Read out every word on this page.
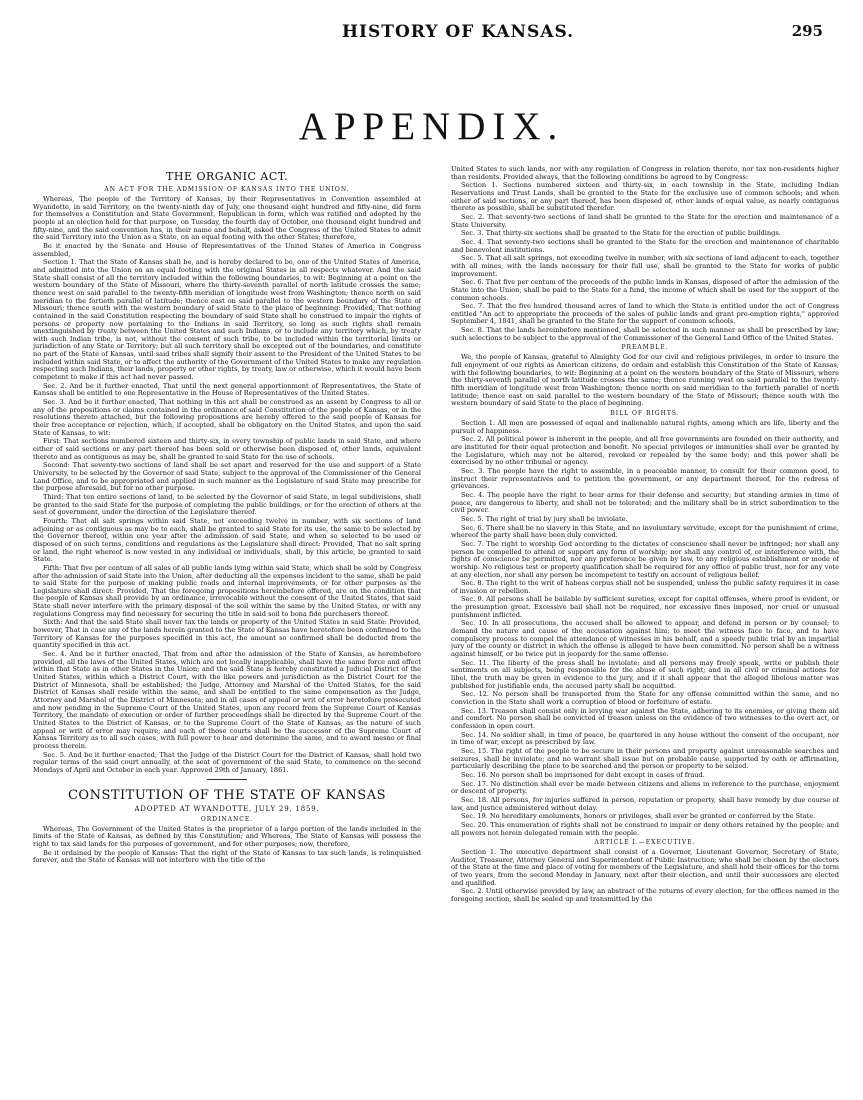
HISTORY OF KANSAS.	295
APPENDIX.
THE ORGANIC ACT.
AN ACT FOR THE ADMISSION OF KANSAS INTO THE UNION.

Whereas, The people of the Territory of Kansas, by their Representatives in Convention assembled at Wyandotte, in said Territory, on the twenty-ninth day of July, one thousand eight hundred and fifty-nine, did form for themselves a Constitution and State Government, Republican in form, which was ratified and adopted by the people at an election held for that purpose, on Tuesday, the fourth day of October, one thousand eight hundred and fifty-nine, and the said convention has, in their name and behalf, asked the Congress of the United States to admit the said Territory into the Union as a State, on an equal footing with the other States; therefore,

Be it enacted by the Senate and House of Representatives of the United States of America in Congress assembled,

Section 1. That the State of Kansas shall be, and is hereby declared to be, one of the United States of America, and admitted into the Union on an equal footing with the original States in all respects whatever. And the said State shall consist of all the territory included within the following boundaries, to wit: Beginning at a point on the western boundary of the State of Missouri, where the thirty-seventh parallel of north latitude crosses the same; thence west on said parallel to the twenty-fifth meridian of longitude west from Washington; thence north on said meridian to the fortieth parallel of latitude; thence east on said parallel to the western boundary of the State of Missouri; thence south with the western boundary of said State to the place of beginning: Provided, That nothing contained in the said Constitution respecting the boundary of said State shall be construed to impair the rights of persons or property now pertaining to the Indians in said Territory, so long as such rights shall remain unextinguished by treaty between the United States and such Indians, or to include any territory which, by treaty with such Indian tribe, is not, without the consent of such tribe, to be included within the territorial limits or jurisdiction of any State or Territory; but all such territory shall be excepted out of the boundaries, and constitute no part of the State of Kansas, until said tribes shall signify their assent to the President of the United States to be included within said State, or to affect the authority of the Government of the United States to make any regulation respecting such Indians, their lands, property or other rights, by treaty, law or otherwise, which it would have been competent to make if this act had never passed.

Sec. 2. And be it further enacted, That until the next general apportionment of Representatives, the State of Kansas shall be entitled to one Representative in the House of Representatives of the United States.

Sec. 3. And be it further enacted, That nothing in this act shall be construed as an assent by Congress to all or any of the propositions or claims contained in the ordinance of said Constitution of the people of Kansas, or in the resolutions thereto attached, but the following propositions are hereby offered to the said people of Kansas for their free acceptance or rejection, which, if accepted, shall be obligatory on the United States, and upon the said State of Kansas, to wit:

First: That sections numbered sixteen and thirty-six, in every township of public lands in said State, and where either of said sections or any part thereof has been sold or otherwise been disposed of, other lands, equivalent thereto and as contiguous as may be, shall be granted to said State for the use of schools.

Second: That seventy-two sections of land shall be set apart and reserved for the use and support of a State University, to be selected by the Governor of said State, subject to the approval of the Commissioner of the General Land Office, and to be appropriated and applied in such manner as the Legislature of said State may prescribe for the purpose aforesaid, but for no other purpose.

Third: That ten entire sections of land, to be selected by the Governor of said State, in legal subdivisions, shall be granted to the said State for the purpose of completing the public buildings, or for the erection of others at the seat of government, under the direction of the Legislature thereof.

Fourth: That all salt springs within said State, not exceeding twelve in number, with six sections of land adjoining or as contiguous as may be to each, shall be granted to said State for its use, the same to be selected by the Governor thereof, within one year after the admission of said State, and when so selected to be used or disposed of on such terms, conditions and regulations as the Legislature shall direct: Provided, That no salt spring or land, the right whereof is now vested in any individual or individuals, shall, by this article, be granted to said State.

Fifth: That five per centum of all sales of all public lands lying within said State, which shall be sold by Congress after the admission of said State into the Union, after deducting all the expenses incident to the same, shall be paid to said State for the purpose of making public roads and internal improvements, or for other purposes as the Legislature shall direct: Provided, That the foregoing propositions hereinbefore offered, are on the condition that the people of Kansas shall provide by an ordinance, irrevocable without the consent of the United States, that said State shall never interfere with the primary disposal of the soil within the same by the United States, or with any regulations Congress may find necessary for securing the title in said soil to bona fide purchasers thereof.

Sixth: And that the said State shall never tax the lands or property of the United States in said State: Provided, however, That in case any of the lands herein granted to the State of Kansas have heretofore been confirmed to the Territory of Kansas for the purposes specified in this act, the amount so confirmed shall be deducted from the quantity specified in this act.

Sec. 4. And be it further enacted, That from and after the admission of the State of Kansas, as hereinbefore provided, all the laws of the United States, which are not locally inapplicable, shall have the same force and effect within that State as in other States in the Union; and the said State is hereby constituted a Judicial District of the United States, within which a District Court, with the like powers and jurisdiction as the District Court for the District of Minnesota, shall be established; the Judge, Attorney and Marshal of the United States, for the said District of Kansas shall reside within the same, and shall be entitled to the same compensation as the Judge, Attorney and Marshal of the District of Minnesota; and in all cases of appeal or writ of error heretofore prosecuted and now pending in the Supreme Court of the United States, upon any record from the Supreme Court of Kansas Territory, the mandate of execution or order of further proceedings shall be directed by the Supreme Court of the United States to the District of Kansas, or to the Supreme Court of the State of Kansas, as the nature of such appeal or writ of error may require; and each of those courts shall be the successor of the Supreme Court of Kansas Territory as to all such cases, with full power to hear and determine the same, and to award mesne or final process therein.

Sec. 5. And be it further enacted, That the Judge of the District Court for the District of Kansas, shall hold two regular terms of the said court annually, at the seat of government of the said State, to commence on the second Mondays of April and October in each year. Approved 29th of January, 1861.

CONSTITUTION OF THE STATE OF KANSAS
ADOPTED AT WYANDOTTE, JULY 29, 1859.
ORDINANCE.

Whereas, The Government of the United States is the proprietor of a large portion of the lands included in the limits of the State of Kansas, as defined by this Constitution; and Whereas, The State of Kansas will possess the right to tax said lands for the purposes of government, and for other purposes; now, therefore,

Be it ordained by the people of Kansas: That the right of the State of Kansas to tax such lands, is relinquished forever, and the State of Kansas will not interfere with the title of the

United States to such lands, nor with any regulation of Congress in relation thereto, nor tax non-residents higher than residents. Provided always, that the following conditions be agreed to by Congress:

Section 1. Sections numbered sixteen and thirty-six, in each township in the State, including Indian Reservations and Trust Lands, shall be granted to the State for the exclusive use of common schools; and when either of said sections, or any part thereof, has been disposed of, other lands of equal value, as nearly contiguous thereto as possible, shall be substituted therefor.

Sec. 2. That seventy-two sections of land shall be granted to the State for the erection and maintenance of a State University.

Sec. 3. That thirty-six sections shall be granted to the State for the erection of public buildings.

Sec. 4. That seventy-two sections shall be granted to the State for the erection and maintenance of charitable and benevolent institutions.

Sec. 5. That all salt springs, not exceeding twelve in number, with six sections of land adjacent to each, together with all mines, with the lands necessary for their full use, shall be granted to the State for works of public improvement.

Sec. 6. That five per centum of the proceeds of the public lands in Kansas, disposed of after the admission of the State into the Union, shall be paid to the State for a fund, the income of which shall be used for the support of the common schools.

Sec. 7. That the five hundred thousand acres of land to which the State is entitled under the act of Congress entitled "An act to appropriate the proceeds of the sales of public lands and grant pre-emption rights," approved September 4, 1841, shall be granted to the State for the support of common schools.

Sec. 8. That the lands hereinbefore mentioned, shall be selected in such manner as shall be prescribed by law; such selections to be subject to the approval of the Commissioner of the General Land Office of the United States.

PREAMBLE.

We, the people of Kansas, grateful to Almighty God for our civil and religious privileges, in order to insure the full enjoyment of our rights as American citizens, do ordain and establish this Constitution of the State of Kansas, with the following boundaries, to wit: Beginning at a point on the western boundary of the State of Missouri, where the thirty-seventh parallel of north latitude crosses the same; thence running west on said parallel to the twenty-fifth meridian of longitude west from Washington; thence north on said meridian to the fortieth parallel of north latitude; thence east on said parallel to the western boundary of the State of Missouri; thence south with the western boundary of said State to the place of beginning.

BILL OF RIGHTS.

Section 1. All men are possessed of equal and inalienable natural rights, among which are life, liberty and the pursuit of happiness.

Sec. 2. All political power is inherent in the people, and all free governments are founded on their authority, and are instituted for their equal protection and benefit. No special privileges or immunities shall ever be granted by the Legislature, which may not be altered, revoked or repealed by the same body; and this power shall be exercised by no other tribunal or agency.

Sec. 3. The people have the right to assemble, in a peaceable manner, to consult for their common good, to instruct their representatives and to petition the government, or any department thereof, for the redress of grievances.

Sec. 4. The people have the right to bear arms for their defense and security; but standing armies in time of peace, are dangerous to liberty, and shall not be tolerated; and the military shall be in strict subordination to the civil power.

Sec. 5. The right of trial by jury shall be inviolate.

Sec. 6. There shall be no slavery in this State, and no involuntary servitude, except for the punishment of crime, whereof the party shall have been duly convicted.

Sec. 7. The right to worship God according to the dictates of conscience shall never be infringed; nor shall any person be compelled to attend or support any form of worship; nor shall any control of, or interference with, the rights of conscience be permitted, nor any preference be given by law, to any religious establishment or mode of worship. No religious test or property qualification shall be required for any office of public trust, nor for any vote at any election, nor shall any person be incompetent to testify on account of religious belief.

Sec. 8. The right to the writ of habeas corpus shall not be suspended, unless the public safety requires it in case of invasion or rebellion.

Sec. 9. All persons shall be bailable by sufficient sureties, except for capital offenses, where proof is evident, or the presumption great. Excessive bail shall not be required, nor excessive fines imposed, nor cruel or unusual punishment inflicted.

Sec. 10. In all prosecutions, the accused shall be allowed to appear, and defend in person or by counsel; to demand the nature and cause of the accusation against him; to meet the witness face to face, and to have compulsory process to compel the attendance of witnesses in his behalf, and a speedy public trial by an impartial jury of the county or district in which the offense is alleged to have been committed. No person shall be a witness against himself, or be twice put in jeopardy for the same offense.

Sec. 11. The liberty of the press shall be inviolate; and all persons may freely speak, write or publish their sentiments on all subjects, being responsible for the abuse of such right; and in all civil or criminal actions for libel, the truth may be given in evidence to the jury, and if it shall appear that the alleged libelous matter was published for justifiable ends, the accused party shall be acquitted.

Sec. 12. No person shall be transported from the State for any offense committed within the same, and no conviction in the State shall work a corruption of blood or forfeiture of estate.

Sec. 13. Treason shall consist only in levying war against the State, adhering to its enemies, or giving them aid and comfort. No person shall be convicted of treason unless on the evidence of two witnesses to the overt act, or confession in open court.

Sec. 14. No soldier shall, in time of peace, be quartered in any house without the consent of the occupant, nor in time of war, except as prescribed by law.

Sec. 15. The right of the people to be secure in their persons and property against unreasonable searches and seizures, shall be inviolate; and no warrant shall issue but on probable cause, supported by oath or affirmation, particularly describing the place to be searched and the person or property to be seized.

Sec. 16. No person shall be imprisoned for debt except in cases of fraud.

Sec. 17. No distinction shall ever be made between citizens and aliens in reference to the purchase, enjoyment or descent of property.

Sec. 18. All persons, for injuries suffered in person, reputation or property, shall have remedy by due course of law, and justice administered without delay.

Sec. 19. No hereditary emoluments, honors or privileges, shall ever be granted or conferred by the State.

Sec. 20. This enumeration of rights shall not be construed to impair or deny others retained by the people; and all powers not herein delegated remain with the people.

ARTICLE I.—EXECUTIVE.

Section 1. The executive department shall consist of a Governor, Lieutenant Governor, Secretary of State, Auditor, Treasurer, Attorney General and Superintendent of Public Instruction; who shall be chosen by the electors of the State at the time and place of voting for members of the Legislature, and shall hold their offices for the term of two years, from the second Monday in January, next after their election, and until their successors are elected and qualified.

Sec. 2. Until otherwise provided by law, an abstract of the returns of every election, for the offices named in the foregoing section, shall be sealed up and transmitted by the
